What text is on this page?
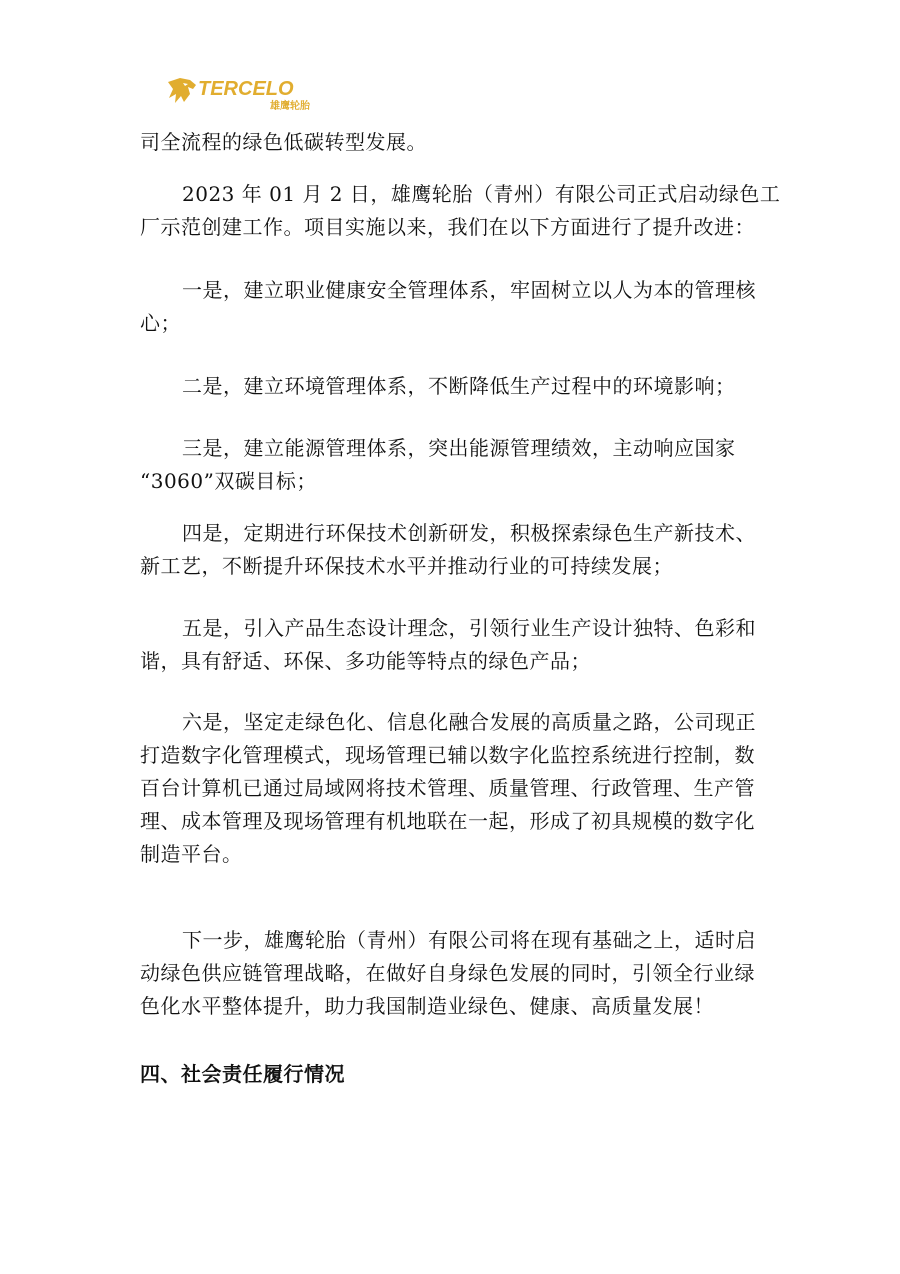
TERCELO
雄鹰轮胎

司全流程的绿色低碳转型发展。

2023 年 01 月 2 日，雄鹰轮胎（青州）有限公司正式启动绿色工

厂示范创建工作。项目实施以来，我们在以下方面进行了提升改进：

一是，建立职业健康安全管理体系，牢固树立以人为本的管理核

心；

二是，建立环境管理体系，不断降低生产过程中的环境影响；

三是，建立能源管理体系，突出能源管理绩效，主动响应国家

“3060”双碳目标；

四是，定期进行环保技术创新研发，积极探索绿色生产新技术、

新工艺，不断提升环保技术水平并推动行业的可持续发展；

五是，引入产品生态设计理念，引领行业生产设计独特、色彩和

谐，具有舒适、环保、多功能等特点的绿色产品；

六是，坚定走绿色化、信息化融合发展的高质量之路，公司现正

打造数字化管理模式，现场管理已辅以数字化监控系统进行控制，数

百台计算机已通过局域网将技术管理、质量管理、行政管理、生产管

理、成本管理及现场管理有机地联在一起，形成了初具规模的数字化

制造平台。

下一步，雄鹰轮胎（青州）有限公司将在现有基础之上，适时启

动绿色供应链管理战略，在做好自身绿色发展的同时，引领全行业绿

色化水平整体提升，助力我国制造业绿色、健康、高质量发展！

四、社会责任履行情况
